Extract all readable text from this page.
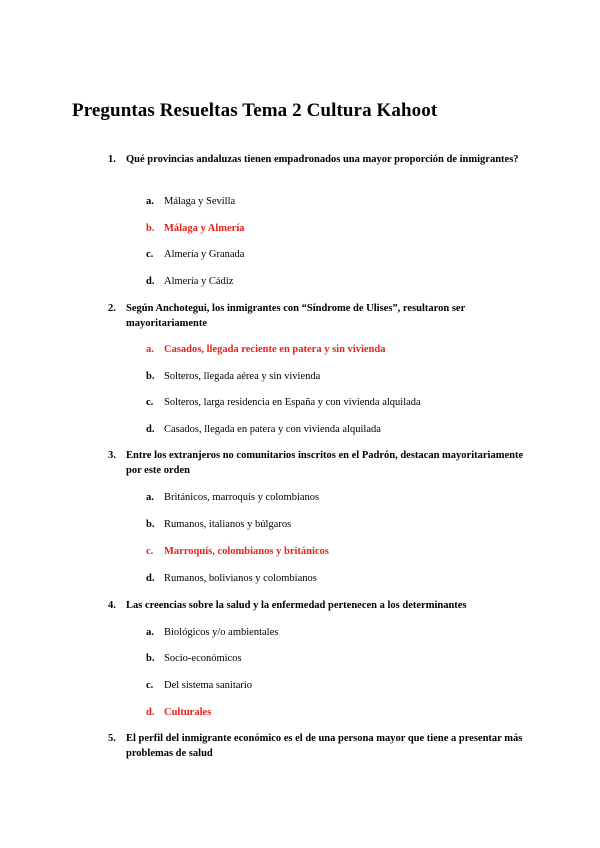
Preguntas Resueltas Tema 2 Cultura Kahoot
1. Qué provincias andaluzas tienen empadronados una mayor proporción de inmigrantes?
a. Málaga y Sevilla
b. Málaga y Almería
c.	Almería y Granada
d. Almería y Cádiz
2. Según Anchotegui, los inmigrantes con “Síndrome de Ulises”, resultaron ser mayoritariamente
a. Casados, llegada reciente en patera y sin vivienda
b. Solteros, llegada aérea y sin vivienda
c.	Solteros, larga residencia en España y con vivienda alquilada
d. Casados, llegada en patera y con vivienda alquilada
3. Entre los extranjeros no comunitarios inscritos en el Padrón, destacan mayoritariamente por este orden
a. Británicos, marroquís y colombianos
b. Rumanos, italianos y búlgaros
c.	Marroquís, colombianos y británicos
d. Rumanos, bolivianos y colombianos
4. Las creencias sobre la salud y la enfermedad pertenecen a los determinantes
a. Biológicos y/o ambientales
b. Socio-económicos
c.	Del sistema sanitario
d. Culturales
5. El perfil del inmigrante económico es el de una persona mayor que tiene a presentar más problemas de salud
